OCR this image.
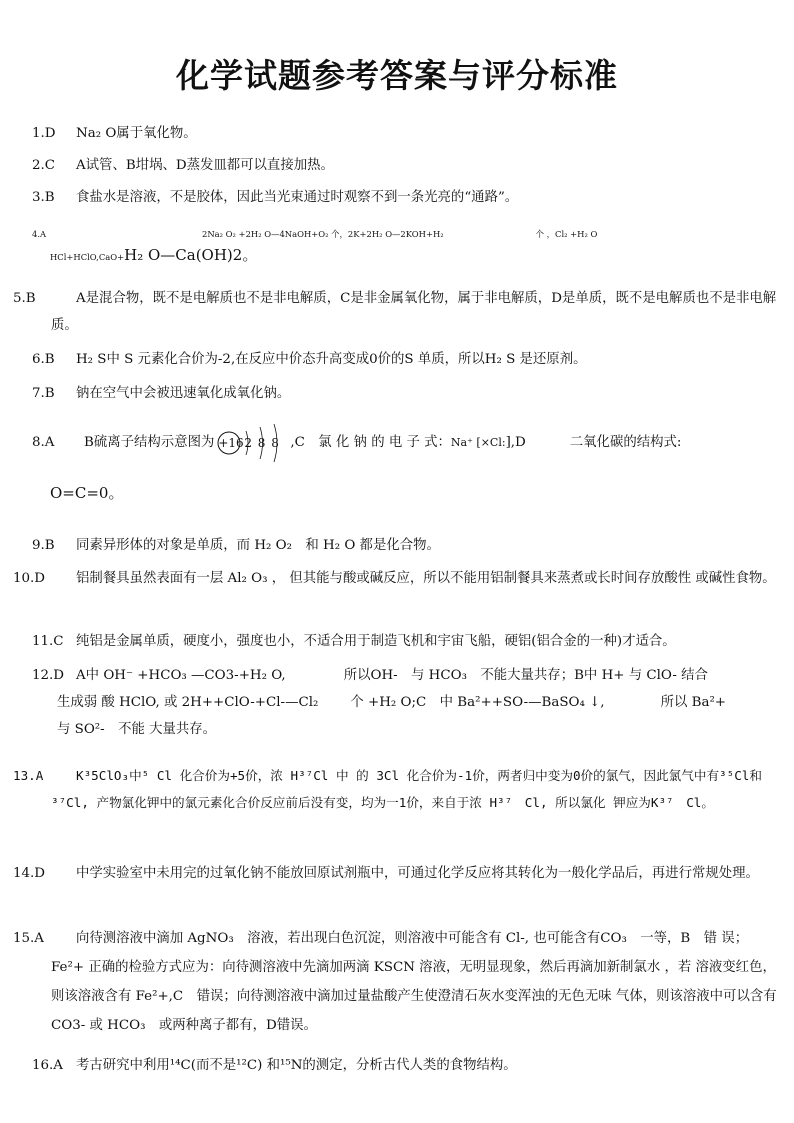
化学试题参考答案与评分标准
1.D Na₂ O属于氧化物。
2.C A试管、B坩埚、D蒸发皿都可以直接加热。
3.B 食盐水是溶液，不是胶体，因此当光束通过时观察不到一条光亮的“通路”。
4.A	2Na₂ O₂ +2H₂ O—4NaOH+O₂ 个，2K+2H₂ O—2KOH+H₂	个 ，Cl₂ +H₂ O
HCl+HClO,CaO+H₂ O—Ca(OH)2。
5.B	A是混合物，既不是电解质也不是非电解质，C是非金属氧化物，属于非电解质，D是单质，既不是电解质也不是非电解质。
6.B H₂ S中 S 元素化合价为-2,在反应中价态升高变成0价的S 单质，所以H₂ S 是还原剂。
7.B 钠在空气中会被迅速氧化成氧化钠。
8.A B硫离子结构示意图为 +16 2 8 8 ,C　氯 化 钠 的 电 子 式：Na⁺ [×Cl:],D	二氧化碳的结构式:
O=C=0。
9.B 同素异形体的对象是单质，而 H₂ O₂　和 H₂ O 都是化合物。
10.D 铝制餐具虽然表面有一层 Al₂ O₃ ， 但其能与酸或碱反应，所以不能用铝制餐具来蒸煮或长时间存放酸性 或碱性食物。
11.C 纯铝是金属单质，硬度小，强度也小，不适合用于制造飞机和宇宙飞船，硬铝(铝合金的一种)才适合。
12.D A中 OH⁻ +HCO₃ —CO3-+H₂ O,	所以OH-　与 HCO₃　不能大量共存；B中 H+ 与 ClO- 结合
生成弱 酸 HClO, 或 2H++ClO-+Cl-—Cl₂ 个 +H₂ O;C　中 Ba²++SO-—BaSO₄ ↓,	所以 Ba²+
与 SO²-　不能 大量共存。
13.A	K³5ClO₃中⁵ Cl 化合价为+5价，浓 H³⁷Cl 中 的 3Cl 化合价为-1价，两者归中变为0价的氯气，因此氯气中有³⁵Cl和³⁷Cl, 产物氯化钾中的氯元素化合价反应前后没有变，均为一1价，来自于浓 H³⁷　Cl, 所以氯化 钾应为K³⁷　Cl。
14.D 中学实验室中未用完的过氧化钠不能放回原试剂瓶中，可通过化学反应将其转化为一般化学品后，再进行常规处理。
15.A 向待测溶液中滴加 AgNO₃　溶液，若出现白色沉淀，则溶液中可能含有 Cl-, 也可能含有CO₃　一等，B　错 误；Fe²+ 正确的检验方式应为：向待测溶液中先滴加两滴 KSCN 溶液，无明显现象，然后再滴加新制氯水 ，若 溶液变红色，则该溶液含有 Fe²+,C　错误；向待测溶液中滴加过量盐酸产生使澄清石灰水变浑浊的无色无味 气体，则该溶液中可以含有CO3- 或 HCO₃　或两种离子都有，D错误。
16.A 考古研究中利用¹⁴C(而不是¹²C) 和¹⁵N的测定，分析古代人类的食物结构。
